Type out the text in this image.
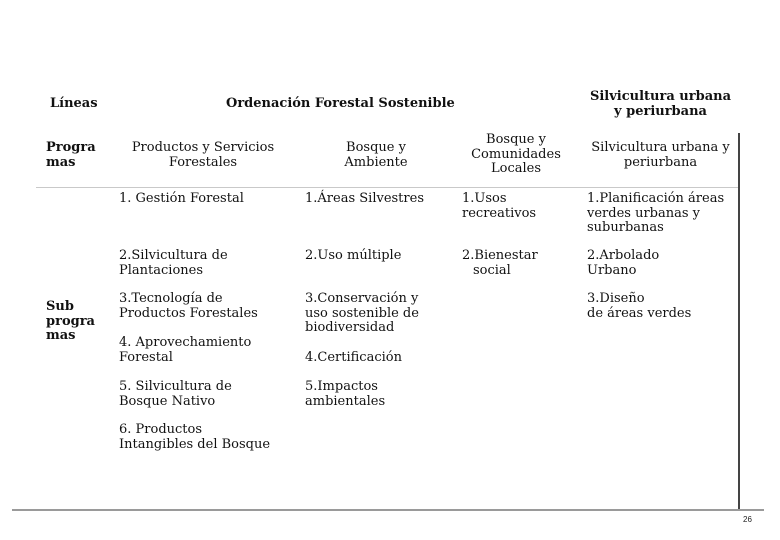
Líneas	Ordenación Forestal Sostenible	Silvicultura urbana
y periurbana
Progra
mas
Productos y Servicios
Forestales
Bosque y
Ambiente
Bosque y
Comunidades
Locales
Silvicultura urbana y
periurbana
Sub
progra
mas
1. Gestión Forestal
2.Silvicultura de
Plantaciones
3.Tecnología de
Productos Forestales
4. Aprovechamiento
Forestal
5. Silvicultura de
Bosque Nativo
6. Productos
Intangibles del Bosque
1.Áreas Silvestres
2.Uso múltiple
3.Conservación y
uso sostenible de
biodiversidad
4.Certificación
5.Impactos
ambientales
1.Usos
recreativos
2.Bienestar
social
1.Planificación áreas
verdes urbanas y
suburbanas
2.Arbolado
Urbano
3.Diseño
de áreas verdes
26
